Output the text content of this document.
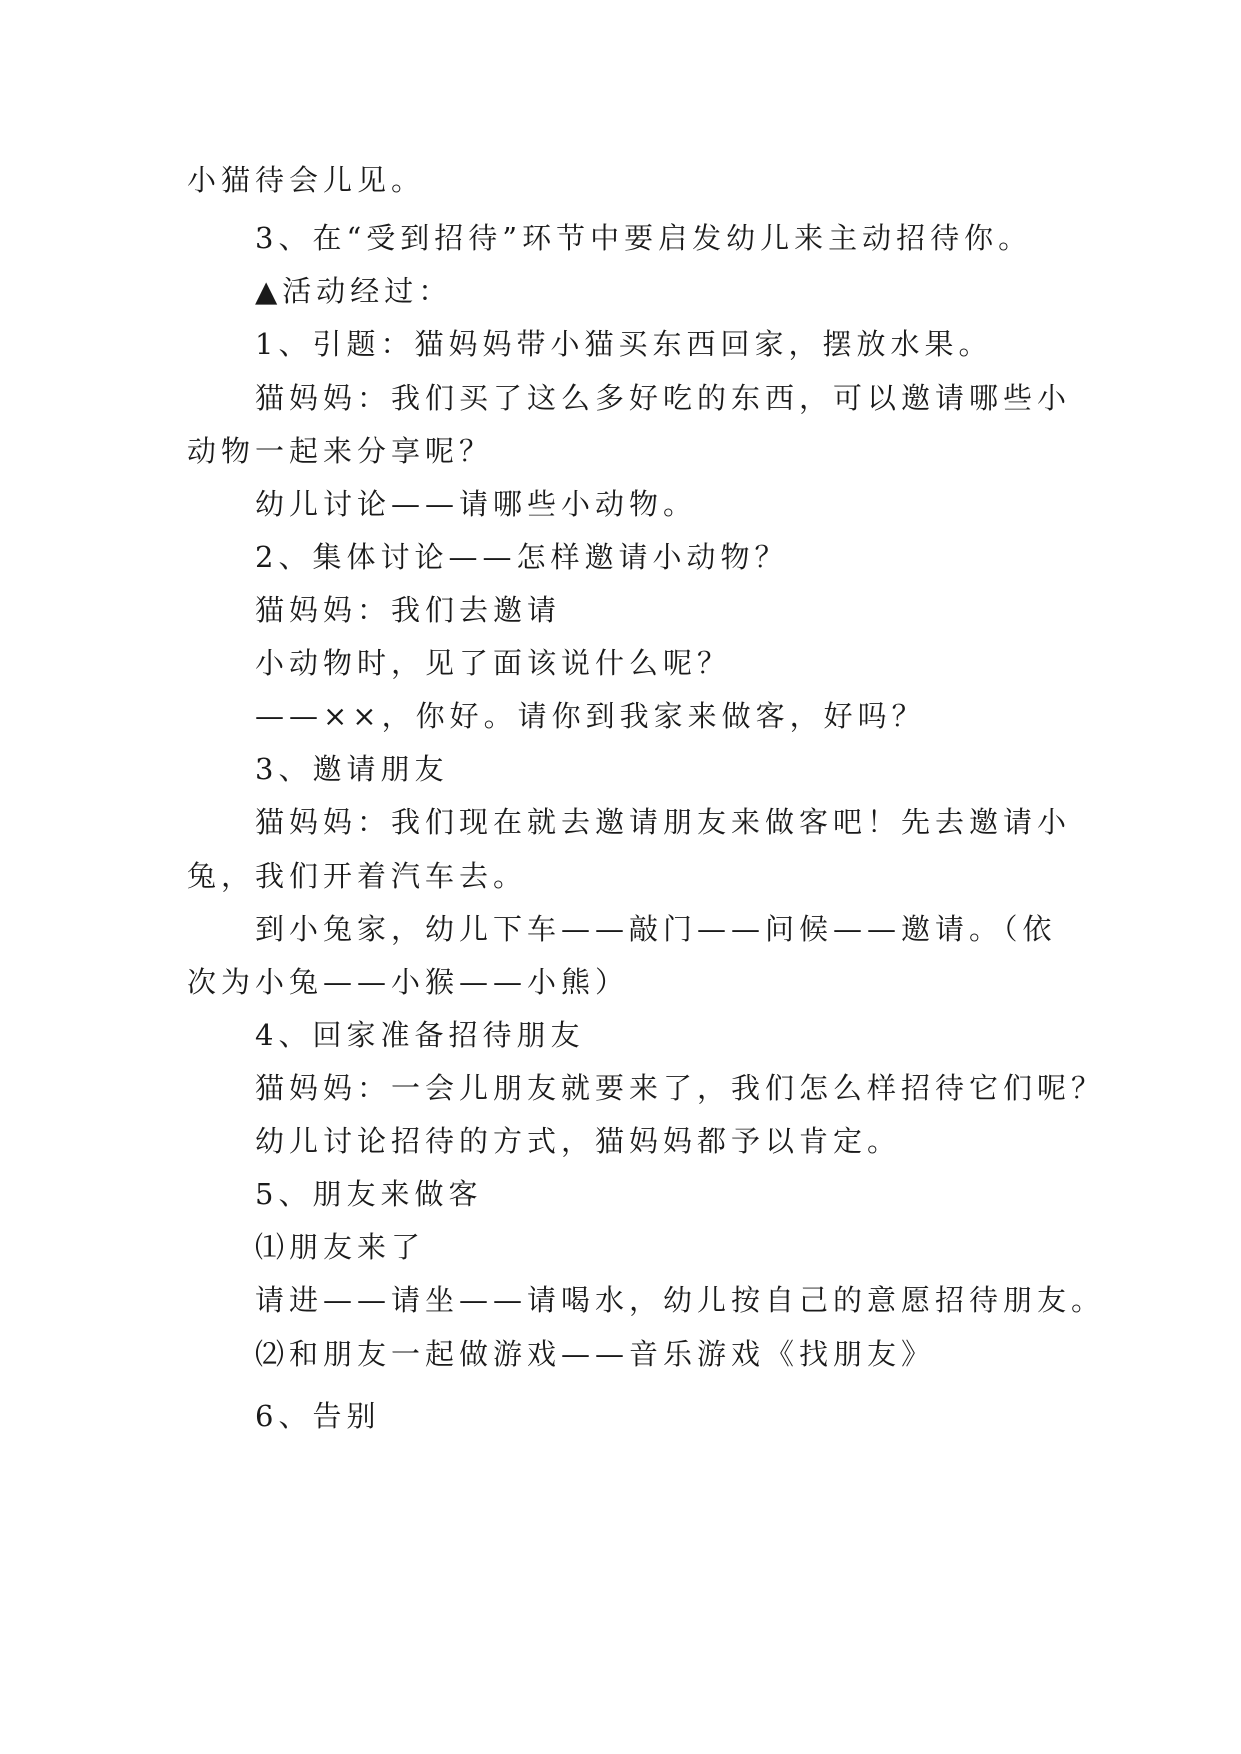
小猫待会儿见。
3、在“受到招待”环节中要启发幼儿来主动招待你。
▲活动经过：
1、引题：猫妈妈带小猫买东西回家，摆放水果。
猫妈妈：我们买了这么多好吃的东西，可以邀请哪些小
动物一起来分享呢？
幼儿讨论——请哪些小动物。
2、集体讨论——怎样邀请小动物？
猫妈妈：我们去邀请
小动物时，见了面该说什么呢？
——××，你好。请你到我家来做客，好吗？
3、邀请朋友
猫妈妈：我们现在就去邀请朋友来做客吧！先去邀请小
兔，我们开着汽车去。
到小兔家，幼儿下车——敲门——问候——邀请。（依
次为小兔——小猴——小熊）
4、回家准备招待朋友
猫妈妈：一会儿朋友就要来了，我们怎么样招待它们呢？
幼儿讨论招待的方式，猫妈妈都予以肯定。
5、朋友来做客
⑴朋友来了
请进——请坐——请喝水，幼儿按自己的意愿招待朋友。
⑵和朋友一起做游戏——音乐游戏《找朋友》
6、告别
